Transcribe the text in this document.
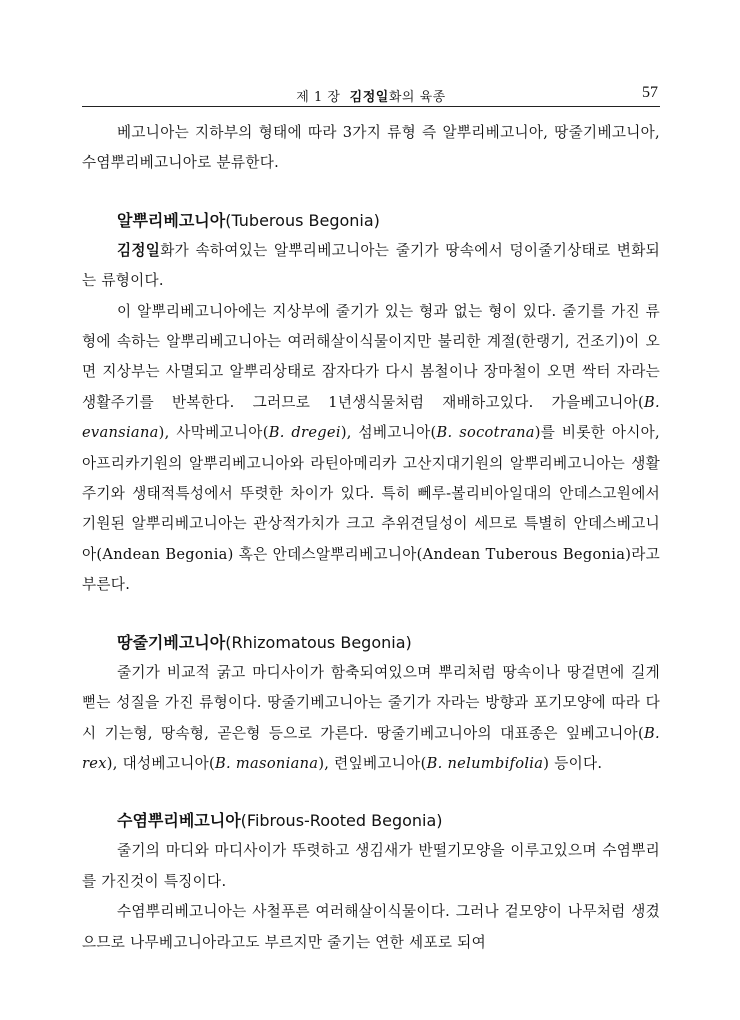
제 1 장 김정일화의 육종	57

베고니아는 지하부의 형태에 따라 3가지 류형 즉 알뿌리베고니아, 땅줄기베고니아, 수염뿌리베고니아로 분류한다.

알뿌리베고니아(Tuberous Begonia)

김정일화가 속하여있는 알뿌리베고니아는 줄기가 땅속에서 덩이줄기상태로 변화되는 류형이다.

이 알뿌리베고니아에는 지상부에 줄기가 있는 형과 없는 형이 있다. 줄기를 가진 류형에 속하는 알뿌리베고니아는 여러해살이식물이지만 불리한 계절(한랭기, 건조기)이 오면 지상부는 사멸되고 알뿌리상태로 잠자다가 다시 봄철이나 장마철이 오면 싹터 자라는 생활주기를 반복한다. 그러므로 1년생식물처럼 재배하고있다. 가을베고니아(B. evansiana), 사막베고니아(B. dregei), 섬베고니아(B. socotrana)를 비롯한 아시아, 아프리카기원의 알뿌리베고니아와 라틴아메리카 고산지대기원의 알뿌리베고니아는 생활주기와 생태적특성에서 뚜렷한 차이가 있다. 특히 뻬루-볼리비아일대의 안데스고원에서 기원된 알뿌리베고니아는 관상적가치가 크고 추위견딜성이 세므로 특별히 안데스베고니아(Andean Begonia) 혹은 안데스알뿌리베고니아(Andean Tuberous Begonia)라고 부른다.

땅줄기베고니아(Rhizomatous Begonia)

줄기가 비교적 굵고 마디사이가 함축되여있으며 뿌리처럼 땅속이나 땅겉면에 길게 뻗는 성질을 가진 류형이다. 땅줄기베고니아는 줄기가 자라는 방향과 포기모양에 따라 다시 기는형, 땅속형, 곧은형 등으로 가른다. 땅줄기베고니아의 대표종은 잎베고니아(B. rex), 대성베고니아(B. masoniana), 련잎베고니아(B. nelumbifolia) 등이다.

수염뿌리베고니아(Fibrous-Rooted Begonia)

줄기의 마디와 마디사이가 뚜렷하고 생김새가 반떨기모양을 이루고있으며 수염뿌리를 가진것이 특징이다.

수염뿌리베고니아는 사철푸른 여러해살이식물이다. 그러나 겉모양이 나무처럼 생겼으므로 나무베고니아라고도 부르지만 줄기는 연한 세포로 되여
